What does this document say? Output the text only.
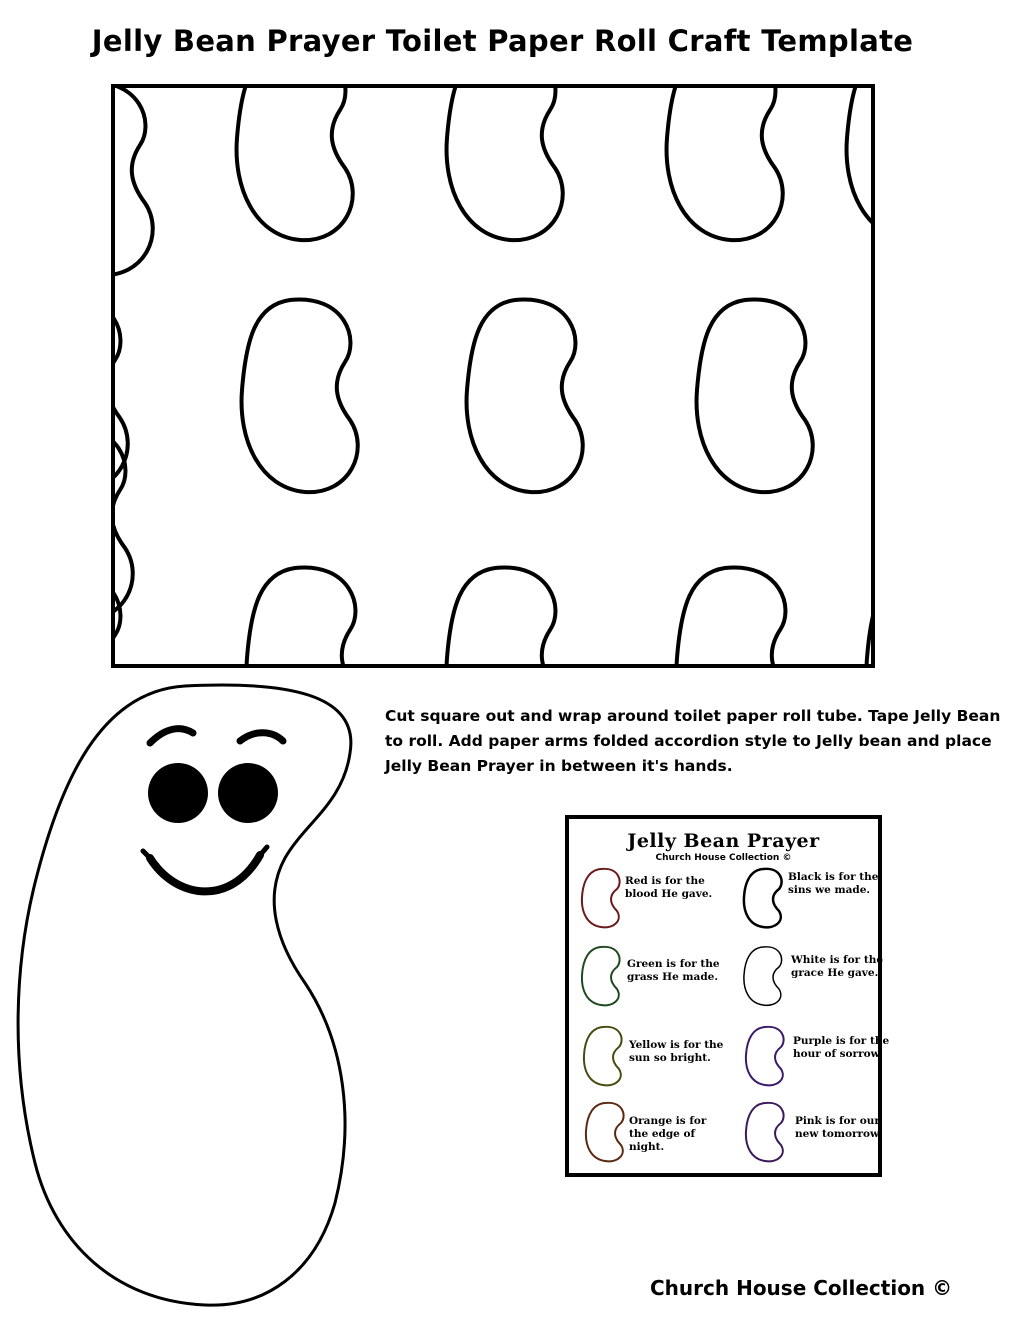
Jelly Bean Prayer Toilet Paper Roll Craft Template

Cut square out and wrap around toilet paper roll tube. Tape Jelly Bean to roll. Add paper arms folded accordion style to Jelly bean and place Jelly Bean Prayer in between it's hands.

Jelly Bean Prayer
Church House Collection ©
Red is for the blood He gave.
Green is for the grass He made.
Yellow is for the sun so bright.
Orange is for the edge of night.
Black is for the sins we made.
White is for the grace He gave.
Purple is for the hour of sorrow.
Pink is for our new tomorrow.
Church House Collection ©
